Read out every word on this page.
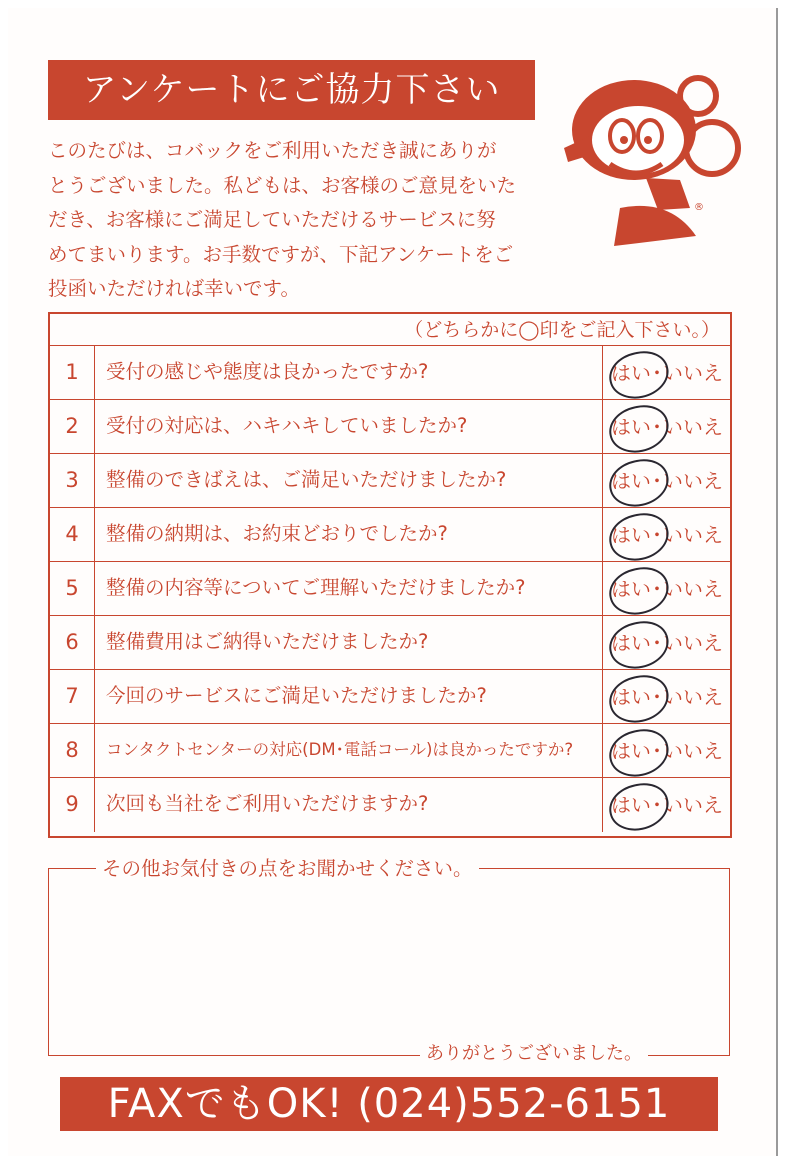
アンケートにご協力下さい

このたびは、コバックをご利用いただき誠にありが
とうございました。私どもは、お客様のご意見をいた
だき、お客様にご満足していただけるサービスに努
めてまいります。お手数ですが、下記アンケートをご
投函いただければ幸いです。

®
（どちらかに◯印をご記入下さい。）
1	受付の感じや態度は良かったですか?	はい･いいえ
2	受付の対応は、ハキハキしていましたか?	はい･いいえ
3	整備のできばえは、ご満足いただけましたか?	はい･いいえ
4	整備の納期は、お約束どおりでしたか?	はい･いいえ
5	整備の内容等についてご理解いただけましたか?	はい･いいえ
6	整備費用はご納得いただけましたか?	はい･いいえ
7	今回のサービスにご満足いただけましたか?	はい･いいえ
8	コンタクトセンターの対応(DM･電話コール)は良かったですか?	はい･いいえ
9	次回も当社をご利用いただけますか?	はい･いいえ
その他お気付きの点をお聞かせください。
ありがとうございました。
FAXでもOK! (024)552-6151
